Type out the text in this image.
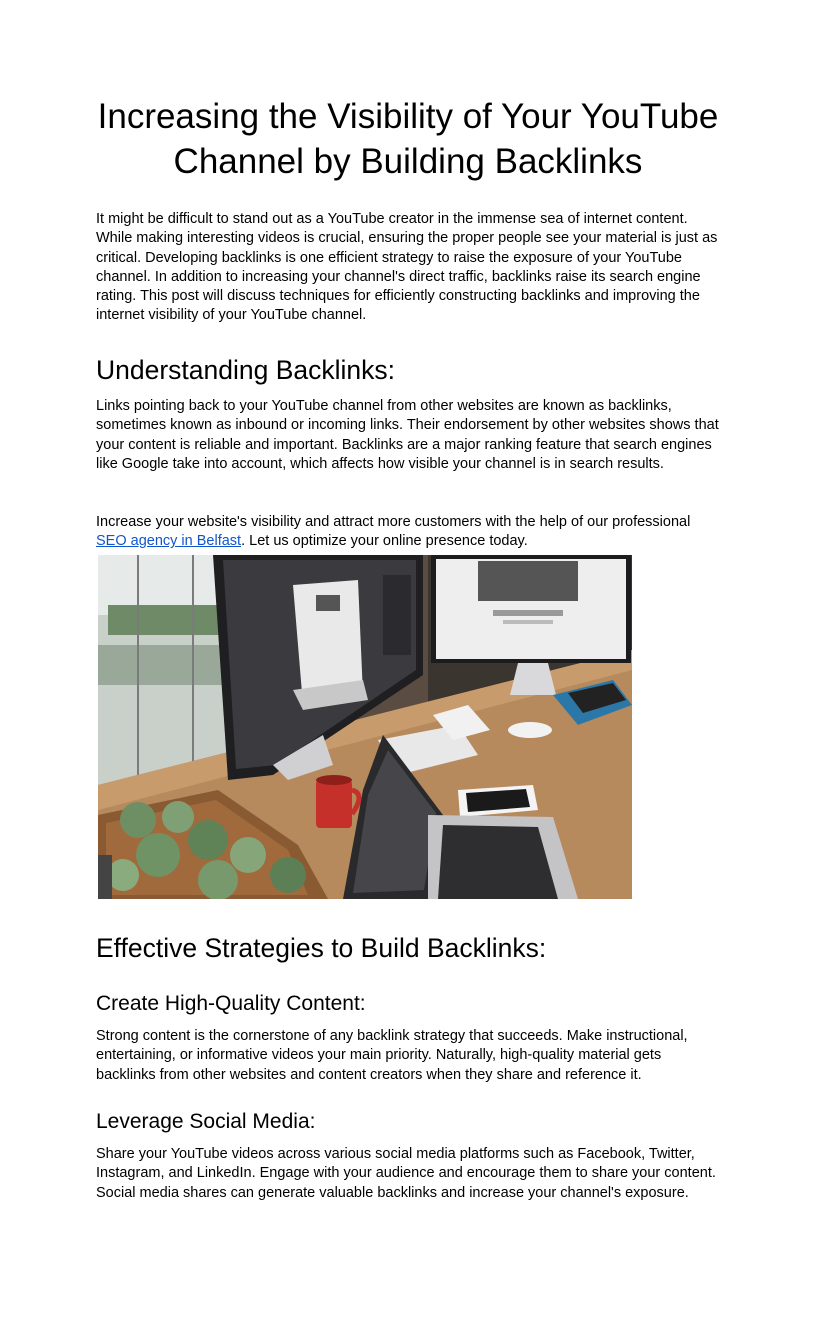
Increasing the Visibility of Your YouTube Channel by Building Backlinks

It might be difficult to stand out as a YouTube creator in the immense sea of internet content. While making interesting videos is crucial, ensuring the proper people see your material is just as critical. Developing backlinks is one efficient strategy to raise the exposure of your YouTube channel. In addition to increasing your channel's direct traffic, backlinks raise its search engine rating. This post will discuss techniques for efficiently constructing backlinks and improving the internet visibility of your YouTube channel.

Understanding Backlinks:

Links pointing back to your YouTube channel from other websites are known as backlinks, sometimes known as inbound or incoming links. Their endorsement by other websites shows that your content is reliable and important. Backlinks are a major ranking feature that search engines like Google take into account, which affects how visible your channel is in search results.

Increase your website's visibility and attract more customers with the help of our professional SEO agency in Belfast. Let us optimize your online presence today.

Effective Strategies to Build Backlinks:
Create High-Quality Content:

Strong content is the cornerstone of any backlink strategy that succeeds. Make instructional, entertaining, or informative videos your main priority. Naturally, high-quality material gets backlinks from other websites and content creators when they share and reference it.

Leverage Social Media:

Share your YouTube videos across various social media platforms such as Facebook, Twitter, Instagram, and LinkedIn. Engage with your audience and encourage them to share your content. Social media shares can generate valuable backlinks and increase your channel's exposure.
